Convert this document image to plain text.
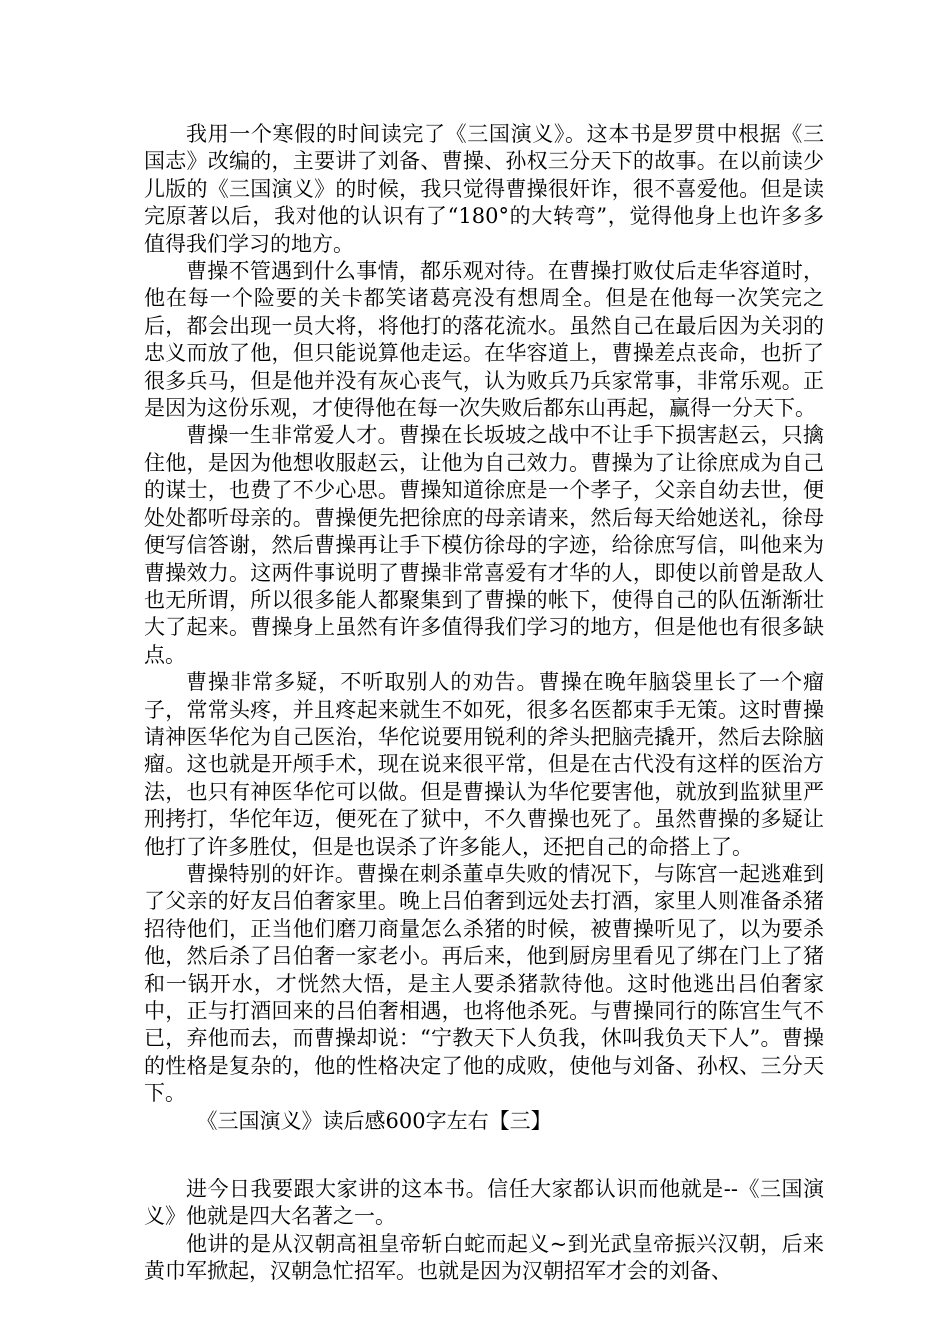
我用一个寒假的时间读完了《三国演义》。这本书是罗贯中根据《三国志》改编的，主要讲了刘备、曹操、孙权三分天下的故事。在以前读少儿版的《三国演义》的时候，我只觉得曹操很奸诈，很不喜爱他。但是读完原著以后，我对他的认识有了“180°的大转弯”，觉得他身上也许多多值得我们学习的地方。

曹操不管遇到什么事情，都乐观对待。在曹操打败仗后走华容道时，他在每一个险要的关卡都笑诸葛亮没有想周全。但是在他每一次笑完之后，都会出现一员大将，将他打的落花流水。虽然自己在最后因为关羽的忠义而放了他，但只能说算他走运。在华容道上，曹操差点丧命，也折了很多兵马，但是他并没有灰心丧气，认为败兵乃兵家常事，非常乐观。正是因为这份乐观，才使得他在每一次失败后都东山再起，赢得一分天下。

曹操一生非常爱人才。曹操在长坂坡之战中不让手下损害赵云，只擒住他，是因为他想收服赵云，让他为自己效力。曹操为了让徐庶成为自己的谋士，也费了不少心思。曹操知道徐庶是一个孝子，父亲自幼去世，便处处都听母亲的。曹操便先把徐庶的母亲请来，然后每天给她送礼，徐母便写信答谢，然后曹操再让手下模仿徐母的字迹，给徐庶写信，叫他来为曹操效力。这两件事说明了曹操非常喜爱有才华的人，即使以前曾是敌人也无所谓，所以很多能人都聚集到了曹操的帐下，使得自己的队伍渐渐壮大了起来。曹操身上虽然有许多值得我们学习的地方，但是他也有很多缺点。

曹操非常多疑，不听取别人的劝告。曹操在晚年脑袋里长了一个瘤子，常常头疼，并且疼起来就生不如死，很多名医都束手无策。这时曹操请神医华佗为自己医治，华佗说要用锐利的斧头把脑壳撬开，然后去除脑瘤。这也就是开颅手术，现在说来很平常，但是在古代没有这样的医治方法，也只有神医华佗可以做。但是曹操认为华佗要害他，就放到监狱里严刑拷打，华佗年迈，便死在了狱中，不久曹操也死了。虽然曹操的多疑让他打了许多胜仗，但是也误杀了许多能人，还把自己的命搭上了。

曹操特别的奸诈。曹操在刺杀董卓失败的情况下，与陈宫一起逃难到了父亲的好友吕伯奢家里。晚上吕伯奢到远处去打酒，家里人则准备杀猪招待他们，正当他们磨刀商量怎么杀猪的时候，被曹操听见了，以为要杀他，然后杀了吕伯奢一家老小。再后来，他到厨房里看见了绑在门上了猪和一锅开水，才恍然大悟，是主人要杀猪款待他。这时他逃出吕伯奢家中，正与打酒回来的吕伯奢相遇，也将他杀死。与曹操同行的陈宫生气不已，弃他而去，而曹操却说：“宁教天下人负我，休叫我负天下人”。曹操的性格是复杂的，他的性格决定了他的成败，使他与刘备、孙权、三分天下。

《三国演义》读后感600字左右【三】

进今日我要跟大家讲的这本书。信任大家都认识而他就是--《三国演义》他就是四大名著之一。

他讲的是从汉朝高祖皇帝斩白蛇而起义~到光武皇帝振兴汉朝，后来黄巾军掀起，汉朝急忙招军。也就是因为汉朝招军才会的刘备、
